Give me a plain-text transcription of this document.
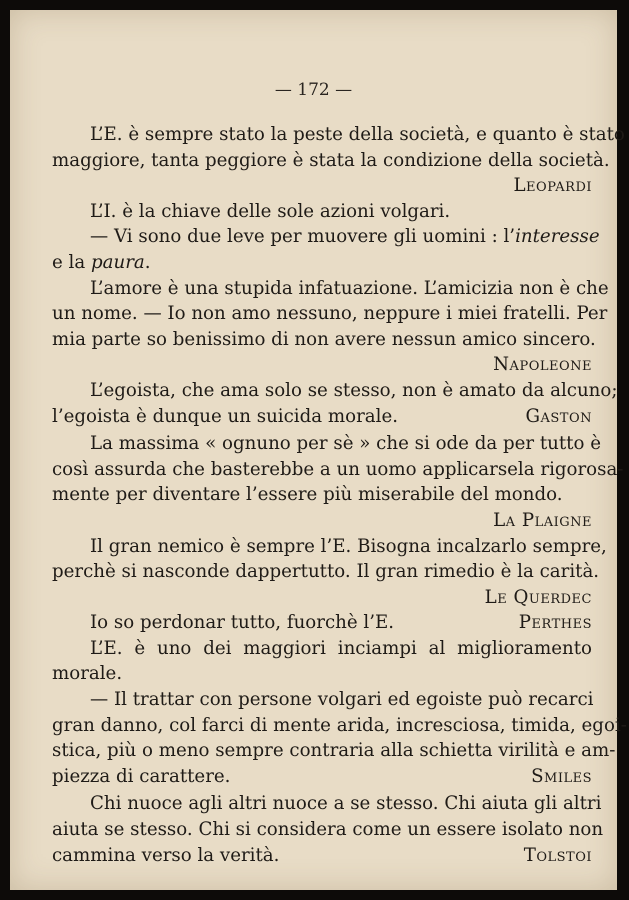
— 172 —
L’E. è sempre stato la peste della società, e quanto è stato
maggiore, tanta peggiore è stata la condizione della società.
Leopardi
L’I. è la chiave delle sole azioni volgari.
— Vi sono due leve per muovere gli uomini : l’interesse
e la paura.
L’amore è una stupida infatuazione. L’amicizia non è che
un nome. — Io non amo nessuno, neppure i miei fratelli. Per
mia parte so benissimo di non avere nessun amico sincero.
Napoleone
L’egoista, che ama solo se stesso, non è amato da alcuno;
l’egoista è dunque un suicida morale.	Gaston
La massima « ognuno per sè » che si ode da per tutto è
così assurda che basterebbe a un uomo applicarsela rigorosa-
mente per diventare l’essere più miserabile del mondo.
La Plaigne
Il gran nemico è sempre l’E. Bisogna incalzarlo sempre,
perchè si nasconde dappertutto. Il gran rimedio è la carità.
Le Querdec
Io so perdonar tutto, fuorchè l’E.	Perthes
L’E. è uno dei maggiori inciampi al miglioramento
morale.
— Il trattar con persone volgari ed egoiste può recarci
gran danno, col farci di mente arida, incresciosa, timida, egoi-
stica, più o meno sempre contraria alla schietta virilità e am-
piezza di carattere.	Smiles
Chi nuoce agli altri nuoce a se stesso. Chi aiuta gli altri
aiuta se stesso. Chi si considera come un essere isolato non
cammina verso la verità.	Tolstoi
